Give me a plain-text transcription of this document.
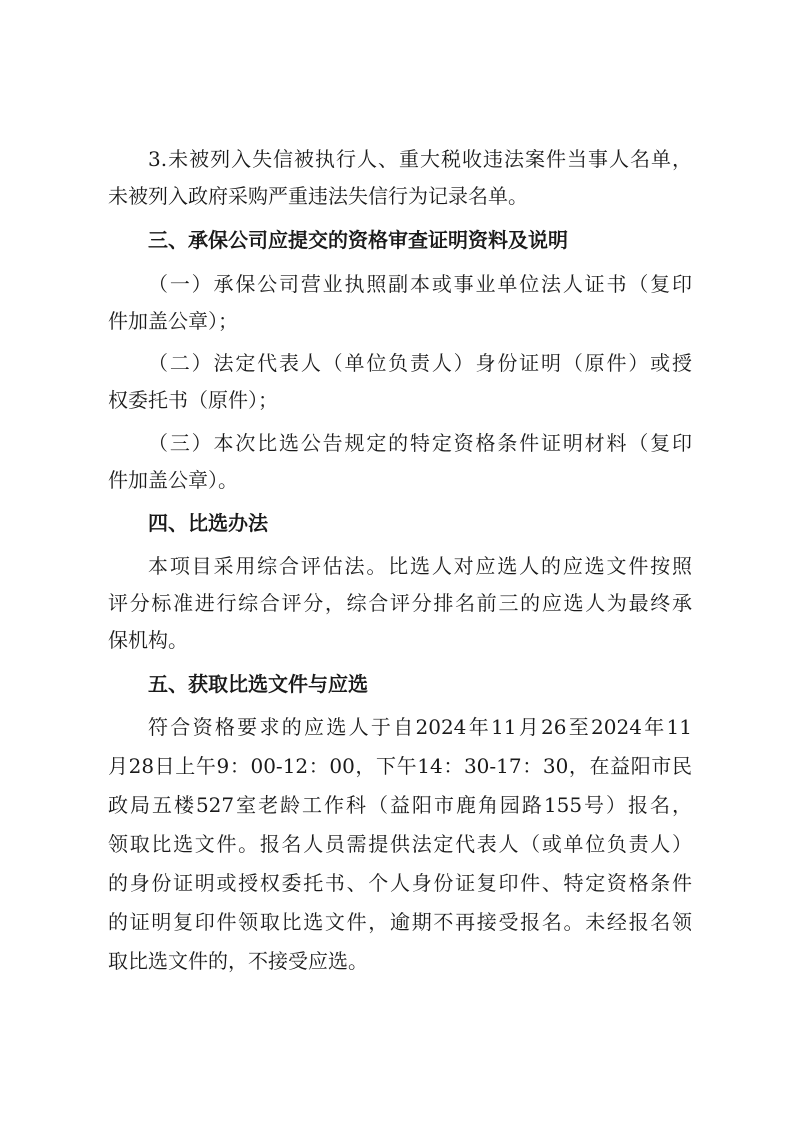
3.未被列入失信被执行人、重大税收违法案件当事人名单，
未被列入政府采购严重违法失信行为记录名单。
三、承保公司应提交的资格审查证明资料及说明
（一）承保公司营业执照副本或事业单位法人证书（复印
件加盖公章）；
（二）法定代表人（单位负责人）身份证明（原件）或授
权委托书（原件）；
（三）本次比选公告规定的特定资格条件证明材料（复印
件加盖公章）。
四、比选办法
本项目采用综合评估法。比选人对应选人的应选文件按照
评分标准进行综合评分，综合评分排名前三的应选人为最终承
保机构。
五、获取比选文件与应选
符合资格要求的应选人于自2024年11月26至2024年11
月28日上午9：00-12：00，下午14：30-17：30，在益阳市民
政局五楼527室老龄工作科（益阳市鹿角园路155号）报名，
领取比选文件。报名人员需提供法定代表人（或单位负责人）
的身份证明或授权委托书、个人身份证复印件、特定资格条件
的证明复印件领取比选文件，逾期不再接受报名。未经报名领
取比选文件的，不接受应选。
